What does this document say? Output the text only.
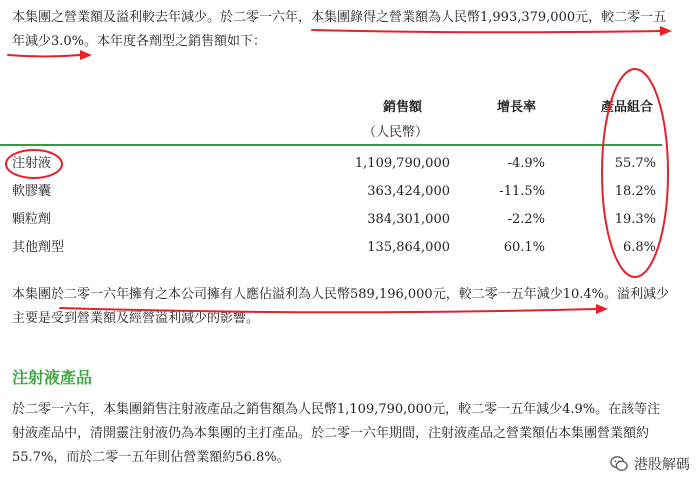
本集團之營業額及溢利較去年減少。於二零一六年，本集團錄得之營業額為人民幣1,993,379,000元，較二零一五
年減少3.0%。本年度各劑型之銷售額如下：
銷售額
（人民幣）
增長率	產品組合
注射液	1,109,790,000	-4.9%	55.7%
軟膠囊	363,424,000	-11.5%	18.2%
顆粒劑	384,301,000	-2.2%	19.3%
其他劑型	135,864,000	60.1%	6.8%
本集團於二零一六年擁有之本公司擁有人應佔溢利為人民幣589,196,000元，較二零一五年減少10.4%。溢利減少
主要是受到營業額及經營溢利減少的影響。
注射液產品
於二零一六年，本集團銷售注射液產品之銷售額為人民幣1,109,790,000元，較二零一五年減少4.9%。在該等注
射液產品中，清開靈注射液仍為本集團的主打產品。於二零一六年期間，注射液產品之營業額佔本集團營業額約
55.7%，而於二零一五年則佔營業額約56.8%。	港股解碼
